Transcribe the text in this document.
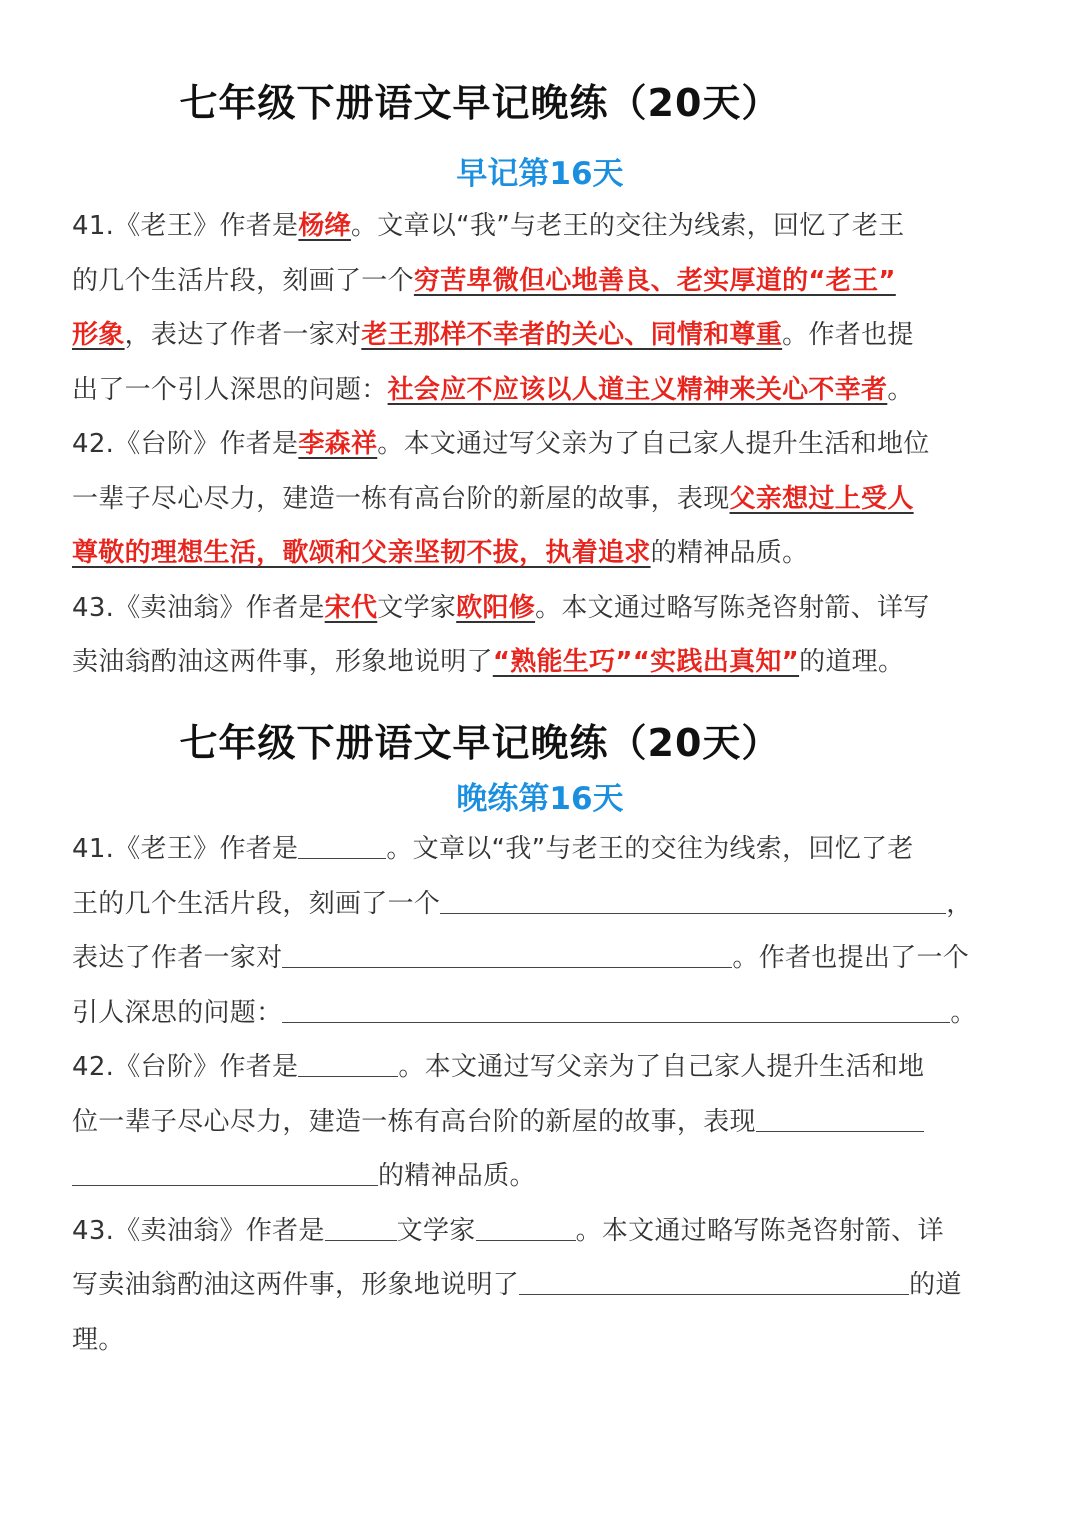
七年级下册语文早记晚练（20天）
早记第16天
41.《老王》作者是杨绛。文章以“我”与老王的交往为线索，回忆了老王
的几个生活片段，刻画了一个穷苦卑微但心地善良、老实厚道的“老王”
形象，表达了作者一家对老王那样不幸者的关心、同情和尊重。作者也提
出了一个引人深思的问题：社会应不应该以人道主义精神来关心不幸者。
42.《台阶》作者是李森祥。本文通过写父亲为了自己家人提升生活和地位
一辈子尽心尽力，建造一栋有高台阶的新屋的故事，表现父亲想过上受人
尊敬的理想生活，歌颂和父亲坚韧不拔，执着追求的精神品质。
43.《卖油翁》作者是宋代文学家欧阳修。本文通过略写陈尧咨射箭、详写
卖油翁酌油这两件事，形象地说明了“熟能生巧”“实践出真知”的道理。
七年级下册语文早记晚练（20天）
晚练第16天
41.《老王》作者是	。文章以“我”与老王的交往为线索，回忆了老
王的几个生活片段，刻画了一个	，
表达了作者一家对	。作者也提出了一个
引人深思的问题：	。
42.《台阶》作者是	。本文通过写父亲为了自己家人提升生活和地
位一辈子尽心尽力，建造一栋有高台阶的新屋的故事，表现
的精神品质。
43.《卖油翁》作者是	文学家	。本文通过略写陈尧咨射箭、详
写卖油翁酌油这两件事，形象地说明了	的道
理。
